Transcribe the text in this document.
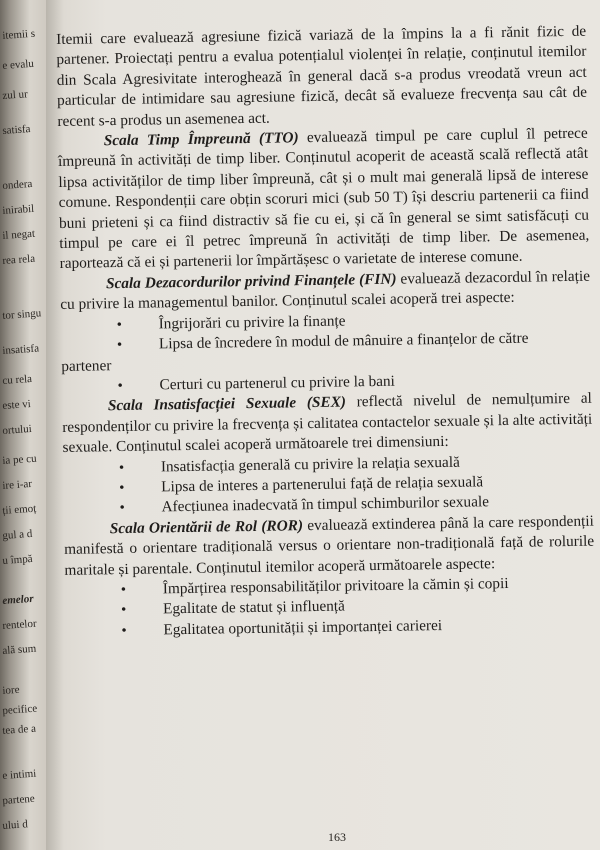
itemii s
e evalu
zul ur
satisfa
ondera
inirabil
il negat
rea rela
tor singu
insatisfa
cu rela
este vi
ortului
ia pe cu
ire i-ar
ții emoț
gul a d
u împă
emelor
rentelor
ală sum
iore
pecifice
tea de a
e intimi
partene
ului d

Itemii care evaluează agresiune fizică variază de la împins la a fi rănit fizic de partener. Proiectați pentru a evalua potențialul violenței în relație, conținutul itemilor din Scala Agresivitate interoghează în general dacă s-a produs vreodată vreun act particular de intimidare sau agresiune fizică, decât să evalueze frecvența sau cât de recent s-a produs un asemenea act.

Scala Timp Împreună (TTO) evaluează timpul pe care cuplul îl petrece împreună în activități de timp liber. Conținutul acoperit de această scală reflectă atât lipsa activităților de timp liber împreună, cât și o mult mai generală lipsă de interese comune. Respondenții care obțin scoruri mici (sub 50 T) își descriu partenerii ca fiind buni prieteni și ca fiind distractiv să fie cu ei, și că în general se simt satisfăcuți cu timpul pe care ei îl petrec împreună în activități de timp liber. De asemenea, raportează că ei și partenerii lor împărtășesc o varietate de interese comune.

Scala Dezacordurilor privind Finanțele (FIN) evaluează dezacordul în relație cu privire la managementul banilor. Conținutul scalei acoperă trei aspecte:

• Îngrijorări cu privire la finanțe
• Lipsa de încredere în modul de mânuire a finanțelor de către

partener

• Certuri cu partenerul cu privire la bani

Scala Insatisfacției Sexuale (SEX) reflectă nivelul de nemulțumire al respondenților cu privire la frecvența și calitatea contactelor sexuale și la alte activități sexuale. Conținutul scalei acoperă următoarele trei dimensiuni:

• Insatisfacția generală cu privire la relația sexuală
• Lipsa de interes a partenerului față de relația sexuală
• Afecțiunea inadecvată în timpul schimburilor sexuale

Scala Orientării de Rol (ROR) evaluează extinderea până la care respondenții manifestă o orientare tradițională versus o orientare non-tradițională față de rolurile maritale și parentale. Conținutul itemilor acoperă următoarele aspecte:

• Împărțirea responsabilităților privitoare la cămin și copii
• Egalitate de statut și influență
• Egalitatea oportunității și importanței carierei
163
